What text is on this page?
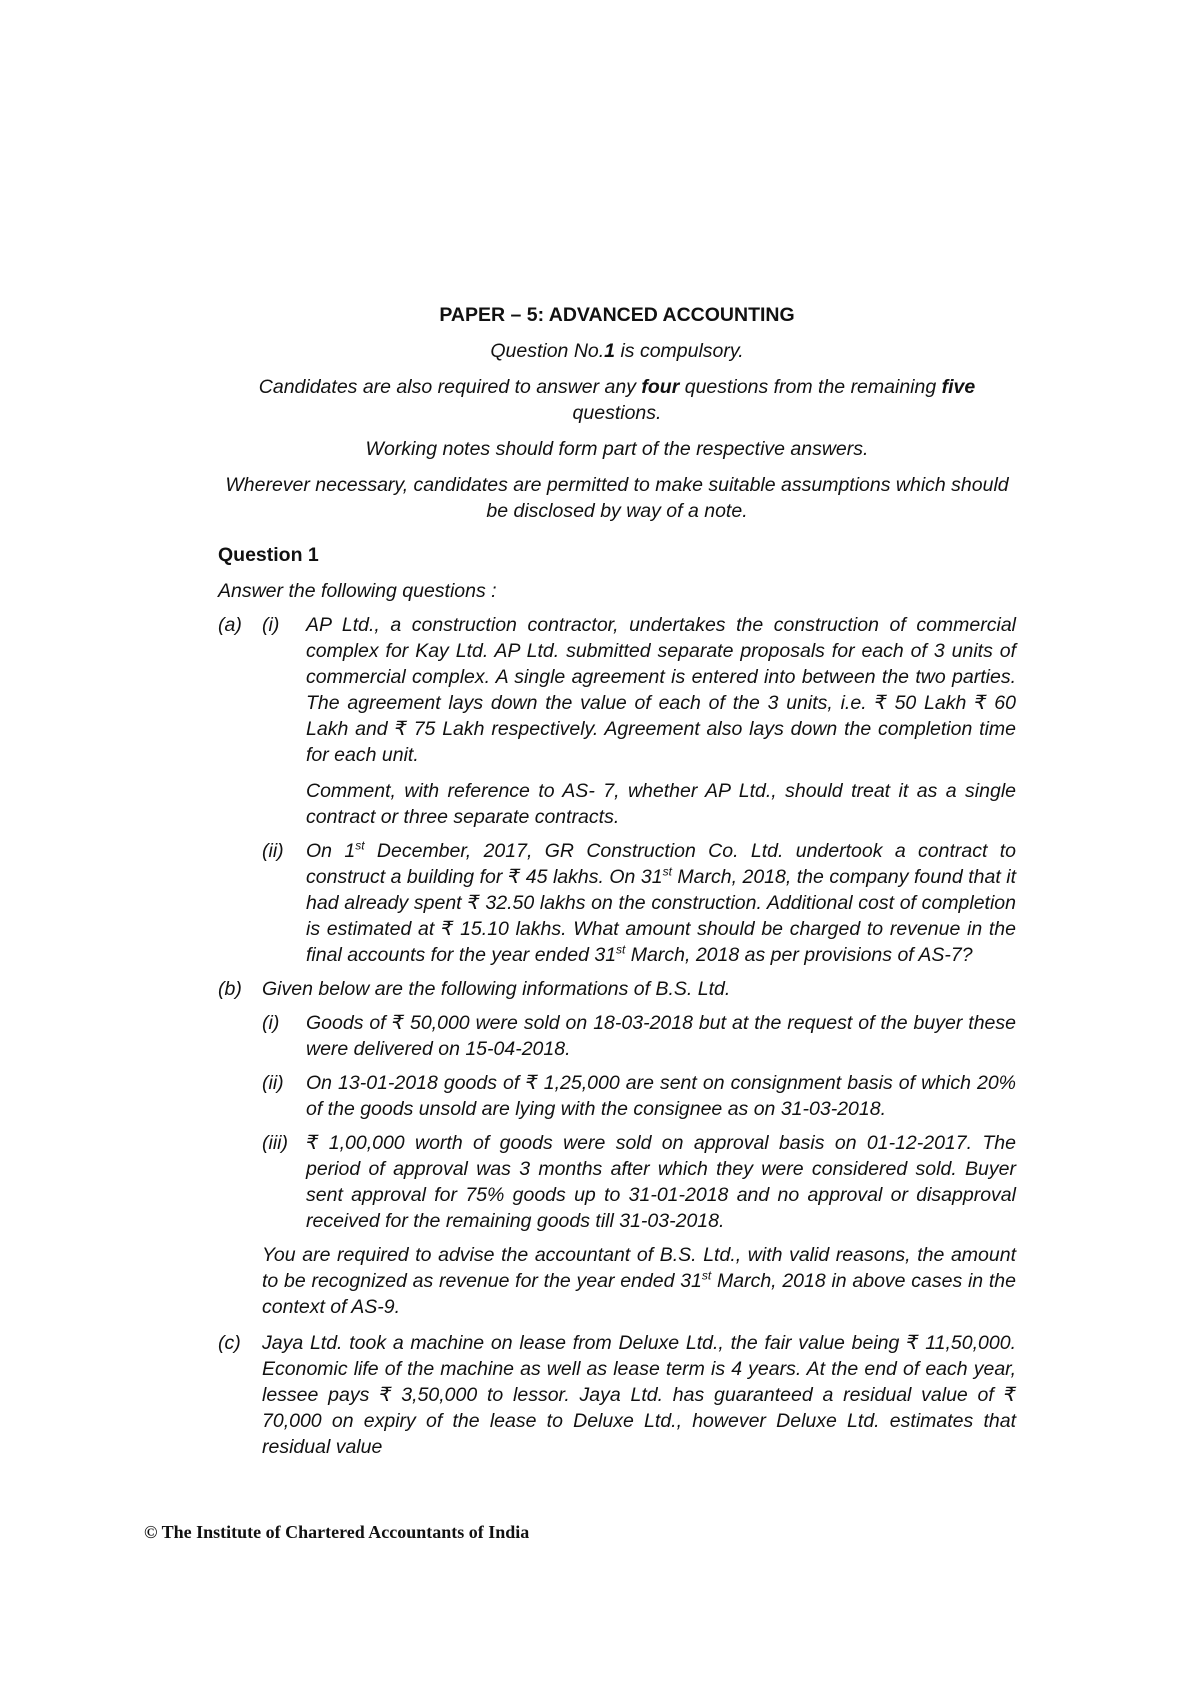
PAPER – 5: ADVANCED ACCOUNTING
Question No.1 is compulsory.
Candidates are also required to answer any four questions from the remaining five questions.
Working notes should form part of the respective answers.
Wherever necessary, candidates are permitted to make suitable assumptions which should be disclosed by way of a note.
Question 1
Answer the following questions :
(a)	(i)	AP Ltd., a construction contractor, undertakes the construction of commercial complex for Kay Ltd. AP Ltd. submitted separate proposals for each of 3 units of commercial complex. A single agreement is entered into between the two parties. The agreement lays down the value of each of the 3 units, i.e. ₹ 50 Lakh ₹ 60 Lakh and ₹ 75 Lakh respectively. Agreement also lays down the completion time for each unit.
Comment, with reference to AS- 7, whether AP Ltd., should treat it as a single contract or three separate contracts.
(ii)	On 1st December, 2017, GR Construction Co. Ltd. undertook a contract to construct a building for ₹ 45 lakhs. On 31st March, 2018, the company found that it had already spent ₹ 32.50 lakhs on the construction. Additional cost of completion is estimated at ₹ 15.10 lakhs. What amount should be charged to revenue in the final accounts for the year ended 31st March, 2018 as per provisions of AS-7?
(b)	Given below are the following informations of B.S. Ltd.
(i)	Goods of ₹ 50,000 were sold on 18-03-2018 but at the request of the buyer these were delivered on 15-04-2018.
(ii)	On 13-01-2018 goods of ₹ 1,25,000 are sent on consignment basis of which 20% of the goods unsold are lying with the consignee as on 31-03-2018.
(iii) ₹ 1,00,000 worth of goods were sold on approval basis on 01-12-2017. The period of approval was 3 months after which they were considered sold. Buyer sent approval for 75% goods up to 31-01-2018 and no approval or disapproval received for the remaining goods till 31-03-2018.
You are required to advise the accountant of B.S. Ltd., with valid reasons, the amount to be recognized as revenue for the year ended 31st March, 2018 in above cases in the context of AS-9.
(c)	Jaya Ltd. took a machine on lease from Deluxe Ltd., the fair value being ₹ 11,50,000. Economic life of the machine as well as lease term is 4 years. At the end of each year, lessee pays ₹ 3,50,000 to lessor. Jaya Ltd. has guaranteed a residual value of ₹ 70,000 on expiry of the lease to Deluxe Ltd., however Deluxe Ltd. estimates that residual value
© The Institute of Chartered Accountants of India
